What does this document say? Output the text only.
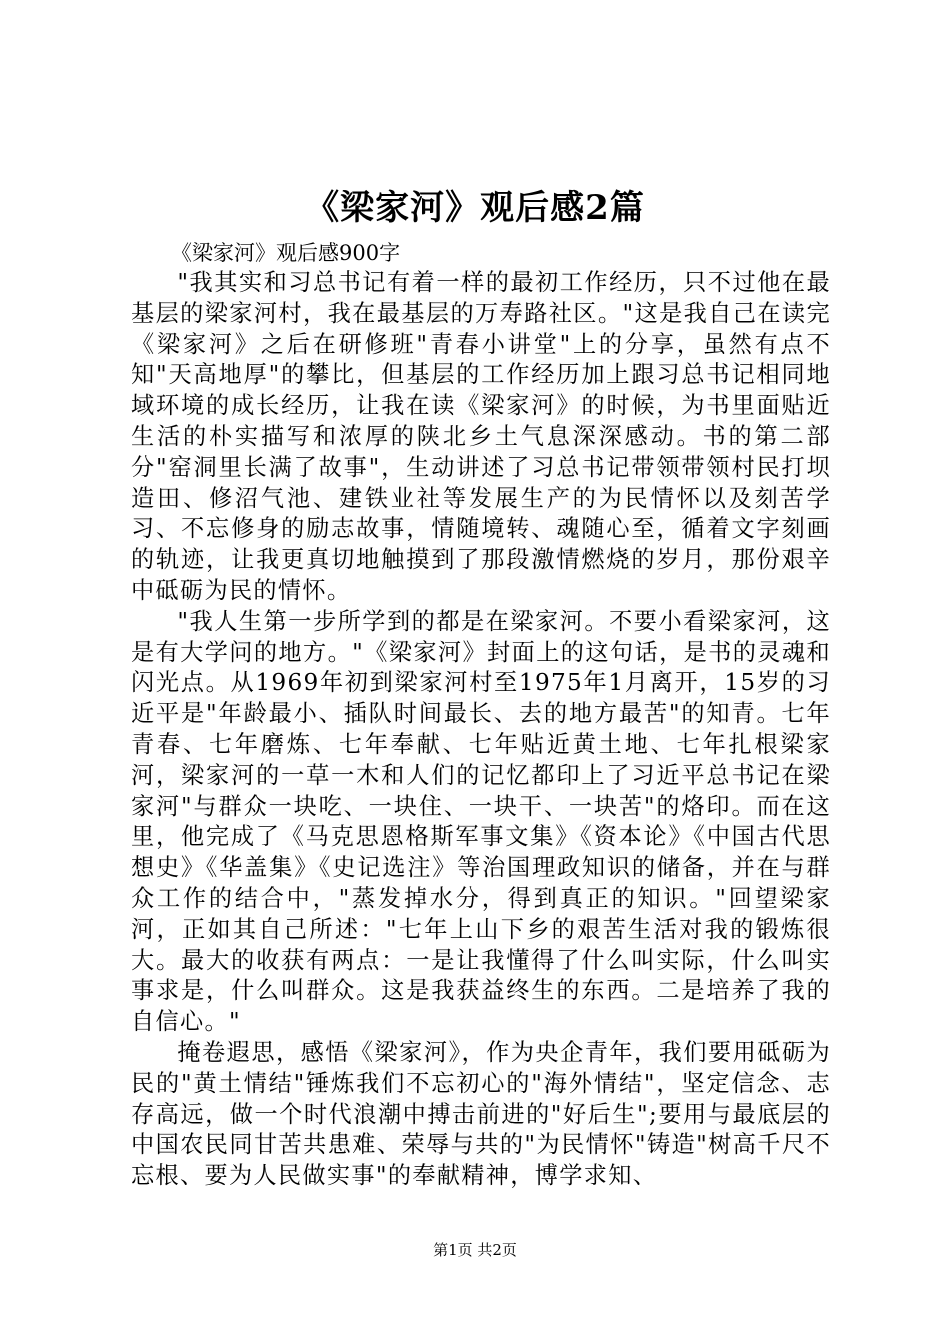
《梁家河》观后感2篇
《梁家河》观后感900字

"我其实和习总书记有着一样的最初工作经历，只不过他在最基层的梁家河村，我在最基层的万寿路社区。"这是我自己在读完《梁家河》之后在研修班"青春小讲堂"上的分享，虽然有点不知"天高地厚"的攀比，但基层的工作经历加上跟习总书记相同地域环境的成长经历，让我在读《梁家河》的时候，为书里面贴近生活的朴实描写和浓厚的陕北乡土气息深深感动。书的第二部分"窑洞里长满了故事"，生动讲述了习总书记带领带领村民打坝造田、修沼气池、建铁业社等发展生产的为民情怀以及刻苦学习、不忘修身的励志故事，情随境转、魂随心至，循着文字刻画的轨迹，让我更真切地触摸到了那段激情燃烧的岁月，那份艰辛中砥砺为民的情怀。

"我人生第一步所学到的都是在梁家河。不要小看梁家河，这是有大学问的地方。"《梁家河》封面上的这句话，是书的灵魂和闪光点。从1969年初到梁家河村至1975年1月离开，15岁的习近平是"年龄最小、插队时间最长、去的地方最苦"的知青。七年青春、七年磨炼、七年奉献、七年贴近黄土地、七年扎根梁家河，梁家河的一草一木和人们的记忆都印上了习近平总书记在梁家河"与群众一块吃、一块住、一块干、一块苦"的烙印。而在这里，他完成了《马克思恩格斯军事文集》《资本论》《中国古代思想史》《华盖集》《史记选注》等治国理政知识的储备，并在与群众工作的结合中，"蒸发掉水分，得到真正的知识。"回望梁家河，正如其自己所述："七年上山下乡的艰苦生活对我的锻炼很大。最大的收获有两点：一是让我懂得了什么叫实际，什么叫实事求是，什么叫群众。这是我获益终生的东西。二是培养了我的自信心。"

掩卷遐思，感悟《梁家河》，作为央企青年，我们要用砥砺为民的"黄土情结"锤炼我们不忘初心的"海外情结"，坚定信念、志存高远，做一个时代浪潮中搏击前进的"好后生";要用与最底层的中国农民同甘苦共患难、荣辱与共的"为民情怀"铸造"树高千尺不忘根、要为人民做实事"的奉献精神，博学求知、

第1页 共2页
